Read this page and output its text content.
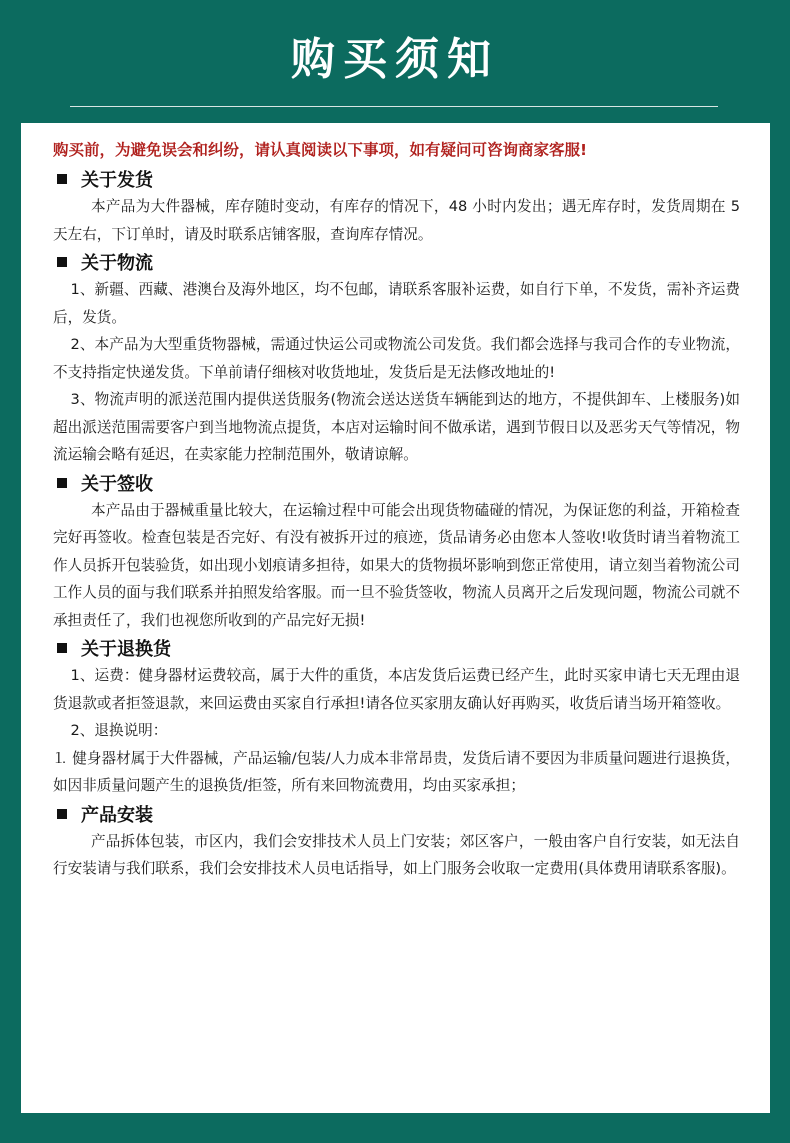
购买须知

购买前，为避免误会和纠纷，请认真阅读以下事项，如有疑问可咨询商家客服!

关于发货

本产品为大件器械，库存随时变动，有库存的情况下，48 小时内发出；遇无库存时，发货周期在 5 天左右，下订单时，请及时联系店铺客服，查询库存情况。

关于物流

1、新疆、西藏、港澳台及海外地区，均不包邮，请联系客服补运费，如自行下单，不发货，需补齐运费后，发货。

2、本产品为大型重货物器械，需通过快运公司或物流公司发货。我们都会选择与我司合作的专业物流，不支持指定快递发货。下单前请仔细核对收货地址，发货后是无法修改地址的!

3、物流声明的派送范围内提供送货服务(物流会送达送货车辆能到达的地方，不提供卸车、上楼服务)如超出派送范围需要客户到当地物流点提货，本店对运输时间不做承诺，遇到节假日以及恶劣天气等情况，物流运输会略有延迟，在卖家能力控制范围外，敬请谅解。

关于签收

本产品由于器械重量比较大，在运输过程中可能会出现货物磕碰的情况，为保证您的利益，开箱检查完好再签收。检查包装是否完好、有没有被拆开过的痕迹，货品请务必由您本人签收!收货时请当着物流工作人员拆开包装验货，如出现小划痕请多担待，如果大的货物损坏影响到您正常使用，请立刻当着物流公司工作人员的面与我们联系并拍照发给客服。而一旦不验货签收，物流人员离开之后发现问题，物流公司就不承担责任了，我们也视您所收到的产品完好无损!

关于退换货

1、运费：健身器材运费较高，属于大件的重货，本店发货后运费已经产生，此时买家申请七天无理由退货退款或者拒签退款，来回运费由买家自行承担!请各位买家朋友确认好再购买，收货后请当场开箱签收。

2、退换说明：

⒈ 健身器材属于大件器械，产品运输/包装/人力成本非常昂贵，发货后请不要因为非质量问题进行退换货，如因非质量问题产生的退换货/拒签，所有来回物流费用，均由买家承担；

产品安装

产品拆体包装，市区内，我们会安排技术人员上门安装；郊区客户，一般由客户自行安装，如无法自行安装请与我们联系，我们会安排技术人员电话指导，如上门服务会收取一定费用(具体费用请联系客服)。
